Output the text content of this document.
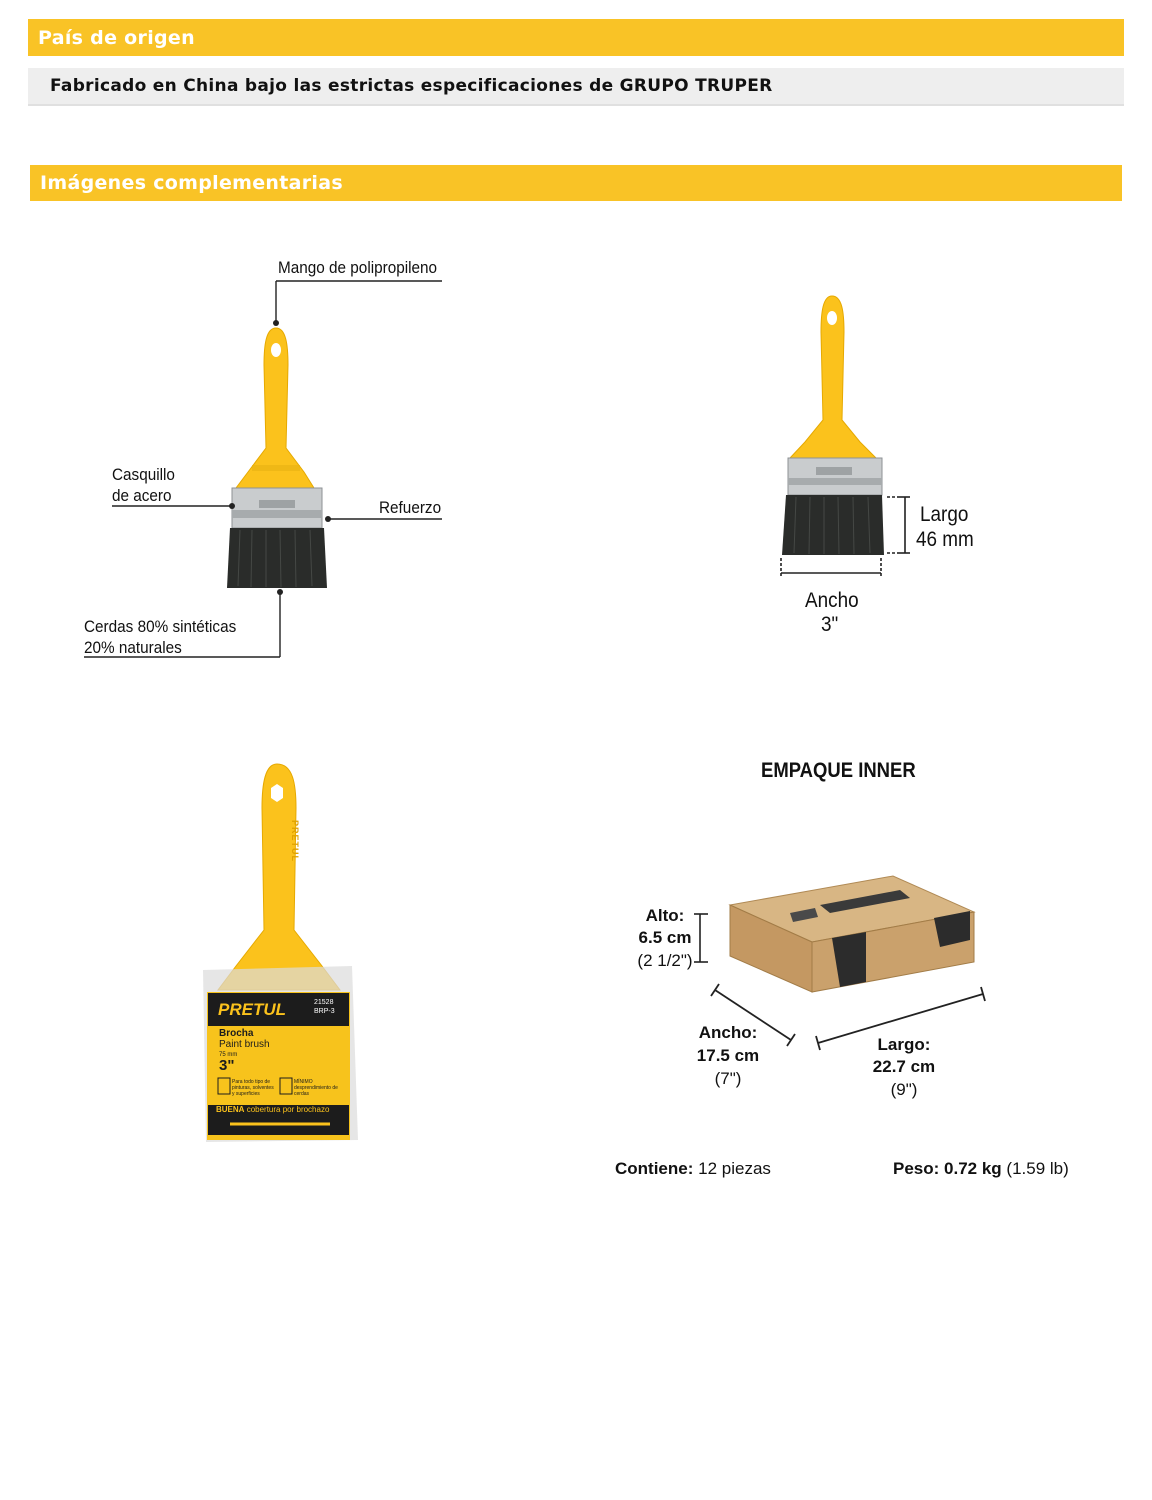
País de origen
Fabricado en China bajo las estrictas especificaciones de GRUPO TRUPER
Imágenes complementarias
Mango de polipropileno
Casquillo
de acero
Refuerzo
Cerdas 80% sintéticas
20% naturales
Largo
46 mm
Ancho
3"
PRETUL	21528
BRP-3
Brocha
Paint brush
75 mm
3"
Para todo tipo de pinturas, solventes y superficies
MÍNIMO desprendimiento de cerdas
BUENA cobertura por brochazo
PRETUL
EMPAQUE INNER
Alto:
6.5 cm
(2 1/2")
Ancho:
17.5 cm
(7")
Largo:
22.7 cm
(9")
Contiene: 12 piezas	Peso: 0.72 kg (1.59 lb)
